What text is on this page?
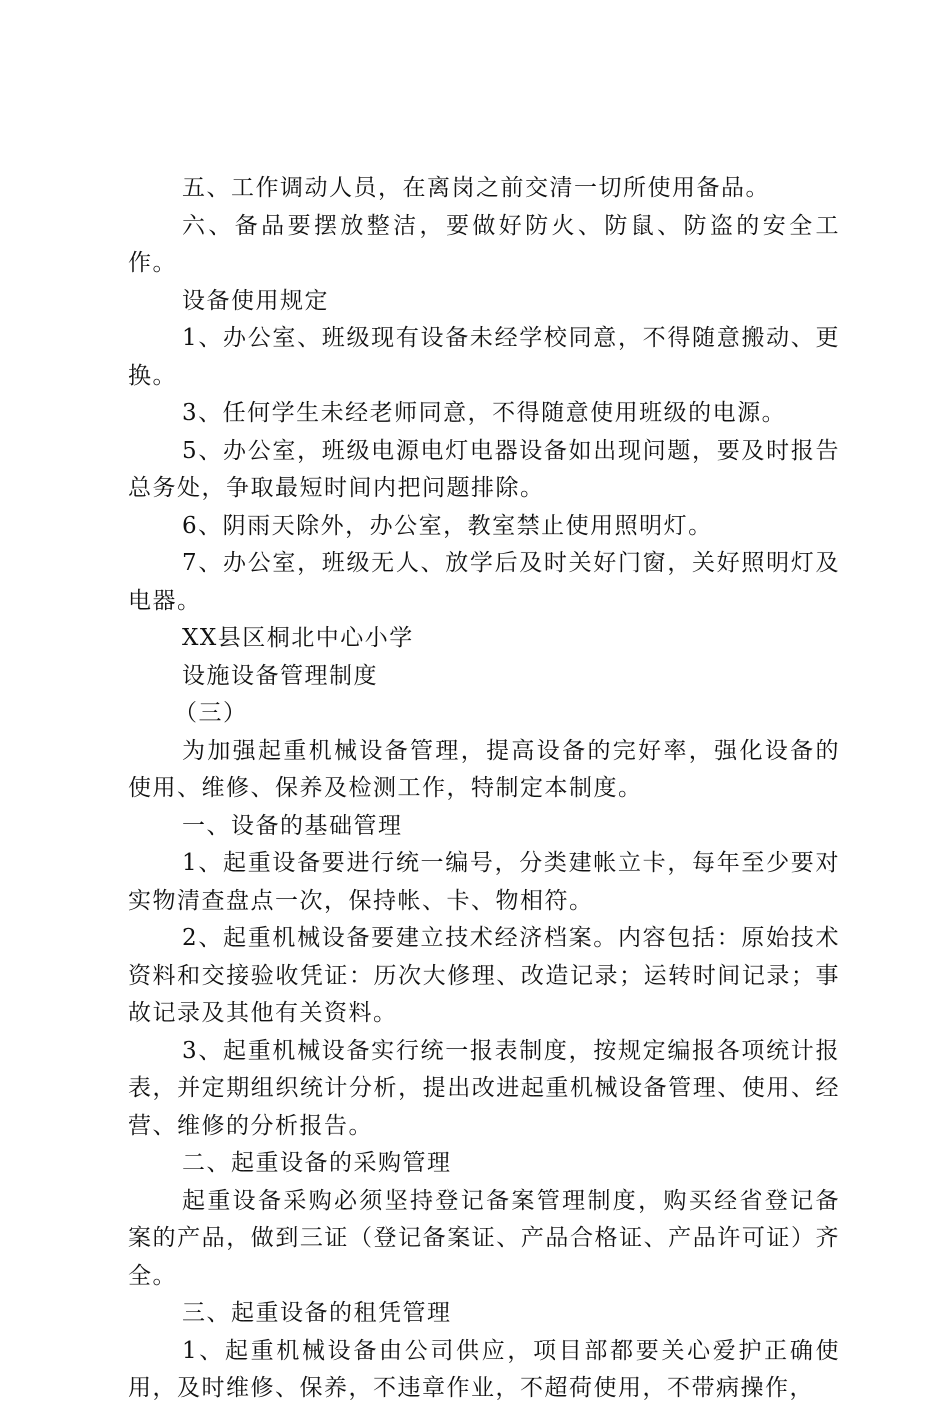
五、工作调动人员，在离岗之前交清一切所使用备品。

六、备品要摆放整洁，要做好防火、防鼠、防盗的安全工作。

设备使用规定

1、办公室、班级现有设备未经学校同意，不得随意搬动、更换。

3、任何学生未经老师同意，不得随意使用班级的电源。

5、办公室，班级电源电灯电器设备如出现问题，要及时报告总务处，争取最短时间内把问题排除。

6、阴雨天除外，办公室，教室禁止使用照明灯。

7、办公室，班级无人、放学后及时关好门窗，关好照明灯及电器。

XX县区桐北中心小学

设施设备管理制度

（三）

为加强起重机械设备管理，提高设备的完好率，强化设备的使用、维修、保养及检测工作，特制定本制度。

一、设备的基础管理

1、起重设备要进行统一编号，分类建帐立卡，每年至少要对实物清查盘点一次，保持帐、卡、物相符。

2、起重机械设备要建立技术经济档案。内容包括：原始技术资料和交接验收凭证：历次大修理、改造记录；运转时间记录；事故记录及其他有关资料。

3、起重机械设备实行统一报表制度，按规定编报各项统计报表，并定期组织统计分析，提出改进起重机械设备管理、使用、经营、维修的分析报告。

二、起重设备的采购管理

起重设备采购必须坚持登记备案管理制度，购买经省登记备案的产品，做到三证（登记备案证、产品合格证、产品许可证）齐全。

三、起重设备的租凭管理

1、起重机械设备由公司供应，项目部都要关心爱护正确使用，及时维修、保养，不违章作业，不超荷使用，不带病操作，
